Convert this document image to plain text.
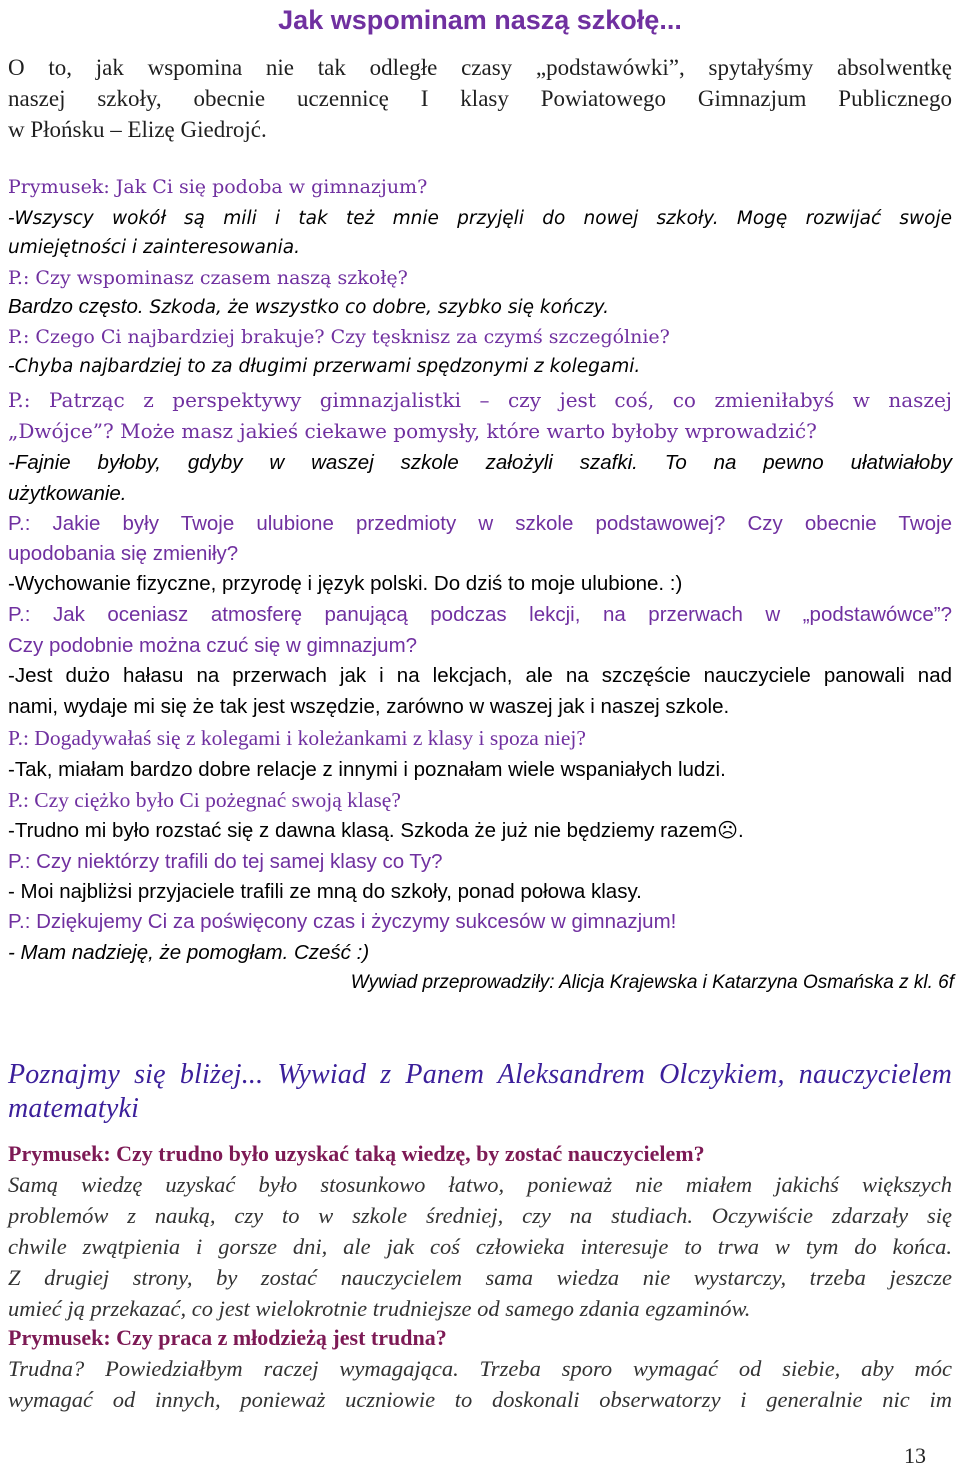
Jak wspominam naszą szkołę...

O to, jak wspomina nie tak odległe czasy „podstawówki”, spytałyśmy absolwentkę

naszej szkoły, obecnie uczennicę I klasy Powiatowego Gimnazjum Publicznego

w Płońsku – Elizę Giedrojć.

Prymusek: Jak Ci się podoba w gimnazjum?

-Wszyscy wokół są mili i tak też mnie przyjęli do nowej szkoły. Mogę rozwijać swoje

umiejętności i zainteresowania.

P.: Czy wspominasz czasem naszą szkołę?

Bardzo często. Szkoda, że wszystko co dobre, szybko się kończy.

P.: Czego Ci najbardziej brakuje? Czy tęsknisz za czymś szczególnie?

-Chyba najbardziej to za długimi przerwami spędzonymi z kolegami.

P.: Patrząc z perspektywy gimnazjalistki – czy jest coś, co zmieniłabyś w naszej

„Dwójce”? Może masz jakieś ciekawe pomysły, które warto byłoby wprowadzić?

-Fajnie byłoby, gdyby w waszej szkole założyli szafki. To na pewno ułatwiałoby

użytkowanie.

P.: Jakie były Twoje ulubione przedmioty w szkole podstawowej? Czy obecnie Twoje

upodobania się zmieniły?

-Wychowanie fizyczne, przyrodę i język polski. Do dziś to moje ulubione. :)

P.: Jak oceniasz atmosferę panującą podczas lekcji, na przerwach w „podstawówce”?

Czy podobnie można czuć się w gimnazjum?

-Jest dużo hałasu na przerwach jak i na lekcjach, ale na szczęście nauczyciele panowali nad

nami, wydaje mi się że tak jest wszędzie, zarówno w waszej jak i naszej szkole.

P.: Dogadywałaś się z kolegami i koleżankami z klasy i spoza niej?

-Tak, miałam bardzo dobre relacje z innymi i poznałam wiele wspaniałych ludzi.

P.: Czy ciężko było Ci pożegnać swoją klasę?

-Trudno mi było rozstać się z dawna klasą. Szkoda że już nie będziemy razem☹.

P.: Czy niektórzy trafili do tej samej klasy co Ty?

- Moi najbliżsi przyjaciele trafili ze mną do szkoły, ponad połowa klasy.

P.: Dziękujemy Ci za poświęcony czas i życzymy sukcesów w gimnazjum!

- Mam nadzieję, że pomogłam. Cześć :)

Wywiad przeprowadziły: Alicja Krajewska i Katarzyna Osmańska z kl. 6f

Poznajmy się bliżej... Wywiad z Panem Aleksandrem Olczykiem, nauczycielem
matematyki

Prymusek: Czy trudno było uzyskać taką wiedzę, by zostać nauczycielem?

Samą wiedzę uzyskać było stosunkowo łatwo, ponieważ nie miałem jakichś większych

problemów z nauką, czy to w szkole średniej, czy na studiach. Oczywiście zdarzały się

chwile zwątpienia i gorsze dni, ale jak coś człowieka interesuje to trwa w tym do końca.

Z drugiej strony, by zostać nauczycielem sama wiedza nie wystarczy, trzeba jeszcze

umieć ją przekazać, co jest wielokrotnie trudniejsze od samego zdania egzaminów.

Prymusek: Czy praca z młodzieżą jest trudna?

Trudna? Powiedziałbym raczej wymagająca. Trzeba sporo wymagać od siebie, aby móc

wymagać od innych, ponieważ uczniowie to doskonali obserwatorzy i generalnie nic im

13
